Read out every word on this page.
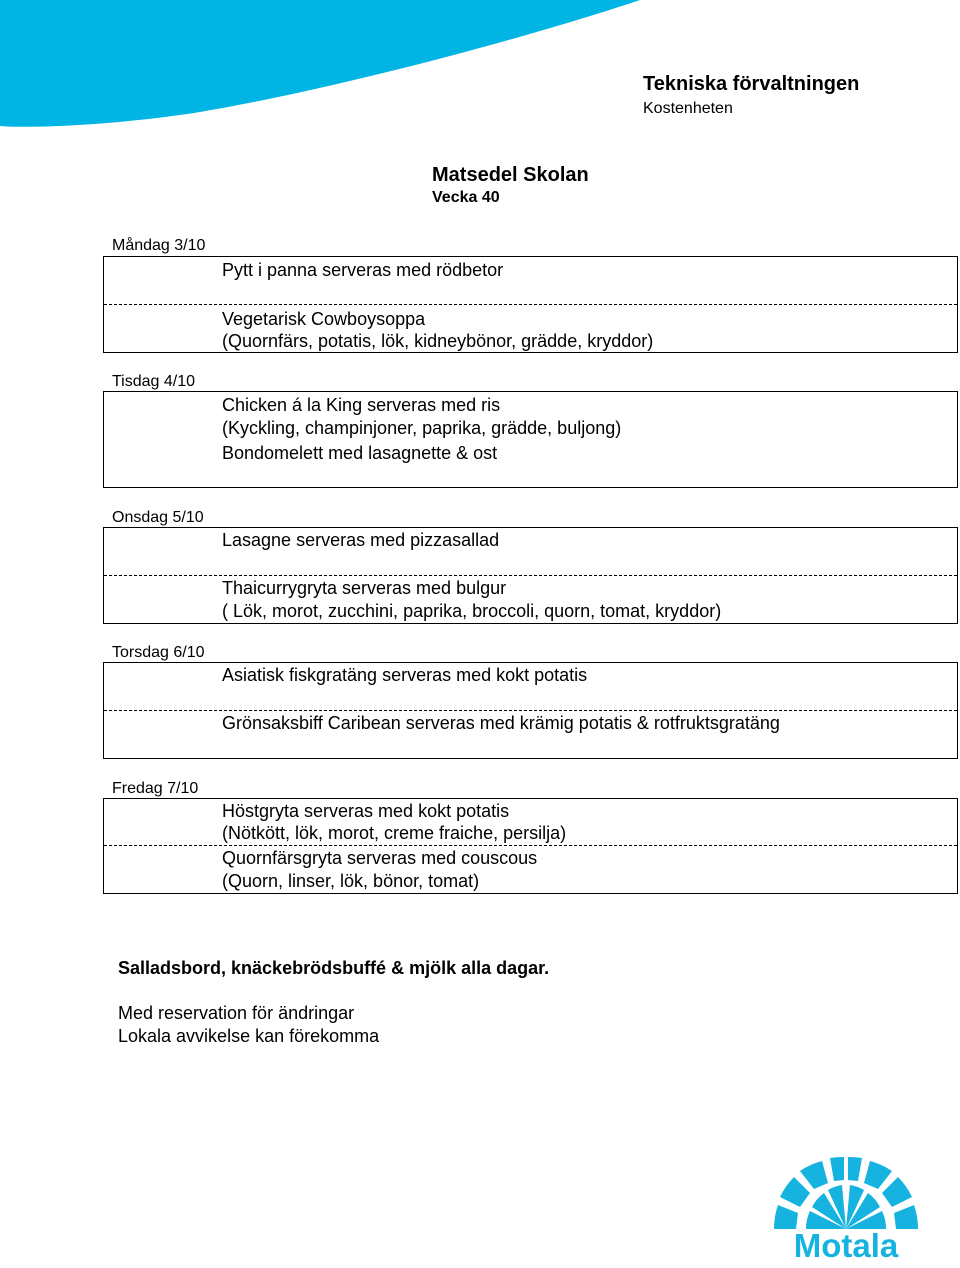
Tekniska förvaltningen
Kostenheten
Matsedel Skolan
Vecka 40
Måndag 3/10
Pytt i panna serveras med rödbetor
Vegetarisk Cowboysoppa
(Quornfärs, potatis, lök, kidneybönor, grädde, kryddor)
Tisdag 4/10
Chicken á la King serveras med ris
(Kyckling, champinjoner, paprika, grädde, buljong)
Bondomelett med lasagnette & ost
Onsdag 5/10
Lasagne serveras med pizzasallad
Thaicurrygryta serveras med bulgur
( Lök, morot, zucchini, paprika, broccoli, quorn, tomat, kryddor)
Torsdag 6/10
Asiatisk fiskgratäng serveras med kokt potatis
Grönsaksbiff Caribean serveras med krämig potatis & rotfruktsgratäng
Fredag 7/10
Höstgryta serveras med kokt potatis
(Nötkött, lök, morot, creme fraiche, persilja)
Quornfärsgryta serveras med couscous
(Quorn, linser, lök, bönor, tomat)
Salladsbord, knäckebrödsbuffé & mjölk alla dagar.
Med reservation för ändringar
Lokala avvikelse kan förekomma
Motala
